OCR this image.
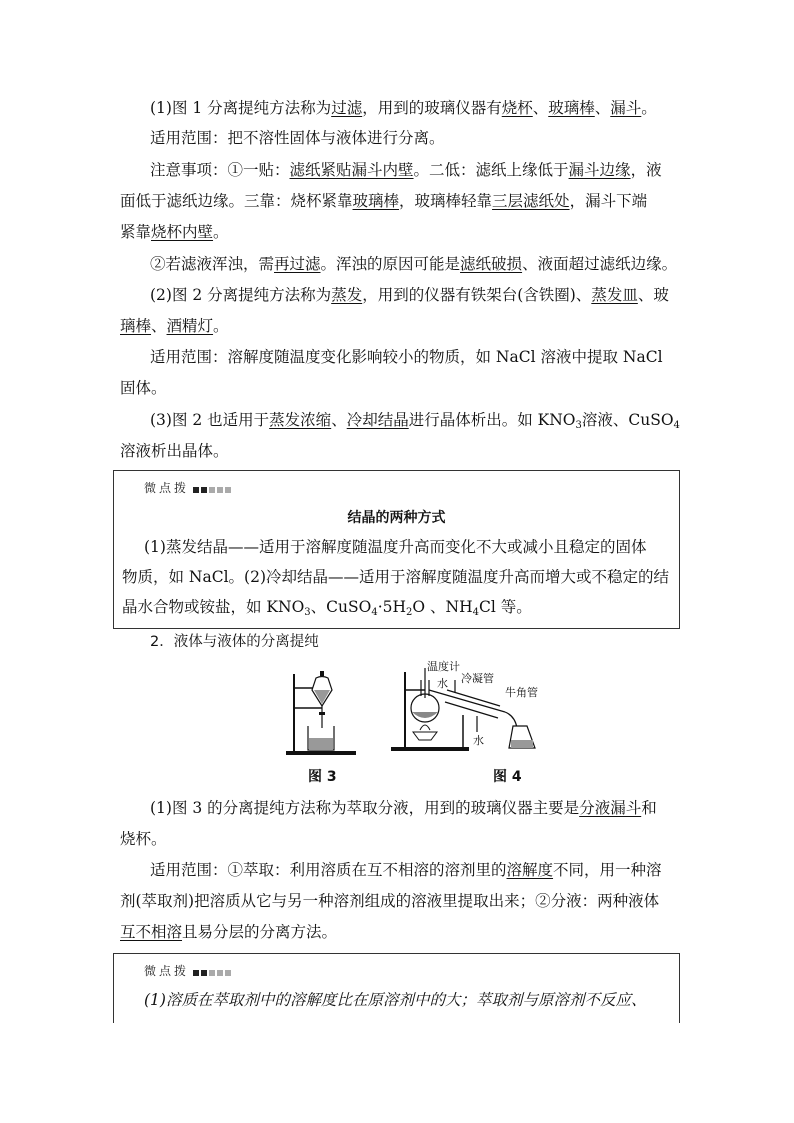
(1)图 1 分离提纯方法称为过滤，用到的玻璃仪器有烧杯、玻璃棒、漏斗。
适用范围：把不溶性固体与液体进行分离。
注意事项：①一贴：滤纸紧贴漏斗内壁。二低：滤纸上缘低于漏斗边缘，液
面低于滤纸边缘。三靠：烧杯紧靠玻璃棒，玻璃棒轻靠三层滤纸处，漏斗下端
紧靠烧杯内壁。
②若滤液浑浊，需再过滤。浑浊的原因可能是滤纸破损、液面超过滤纸边缘。
(2)图 2 分离提纯方法称为蒸发，用到的仪器有铁架台(含铁圈)、蒸发皿、玻
璃棒、酒精灯。
适用范围：溶解度随温度变化影响较小的物质，如 NaCl 溶液中提取 NaCl
固体。
(3)图 2 也适用于蒸发浓缩、冷却结晶进行晶体析出。如 $KNO_3$溶液、CuSO$_4$
溶液析出晶体。
微点拨
结晶的两种方式
(1)蒸发结晶——适用于溶解度随温度升高而变化不大或减小且稳定的固体
物质，如 NaCl。(2)冷却结晶——适用于溶解度随温度升高而增大或不稳定的结
晶水合物或铵盐，如 $KNO_3$、$CuSO_4\cdot 5H_2O$ 、$NH_4Cl$ 等。
2．液体与液体的分离提纯
温度计
水 冷凝管
牛角管
水
图 3	图 4
(1)图 3 的分离提纯方法称为萃取分液，用到的玻璃仪器主要是分液漏斗和
烧杯。
适用范围：①萃取：利用溶质在互不相溶的溶剂里的溶解度不同，用一种溶
剂(萃取剂)把溶质从它与另一种溶剂组成的溶液里提取出来；②分液：两种液体
互不相溶且易分层的分离方法。
微点拨
(1)溶质在萃取剂中的溶解度比在原溶剂中的大；萃取剂与原溶剂不反应、
